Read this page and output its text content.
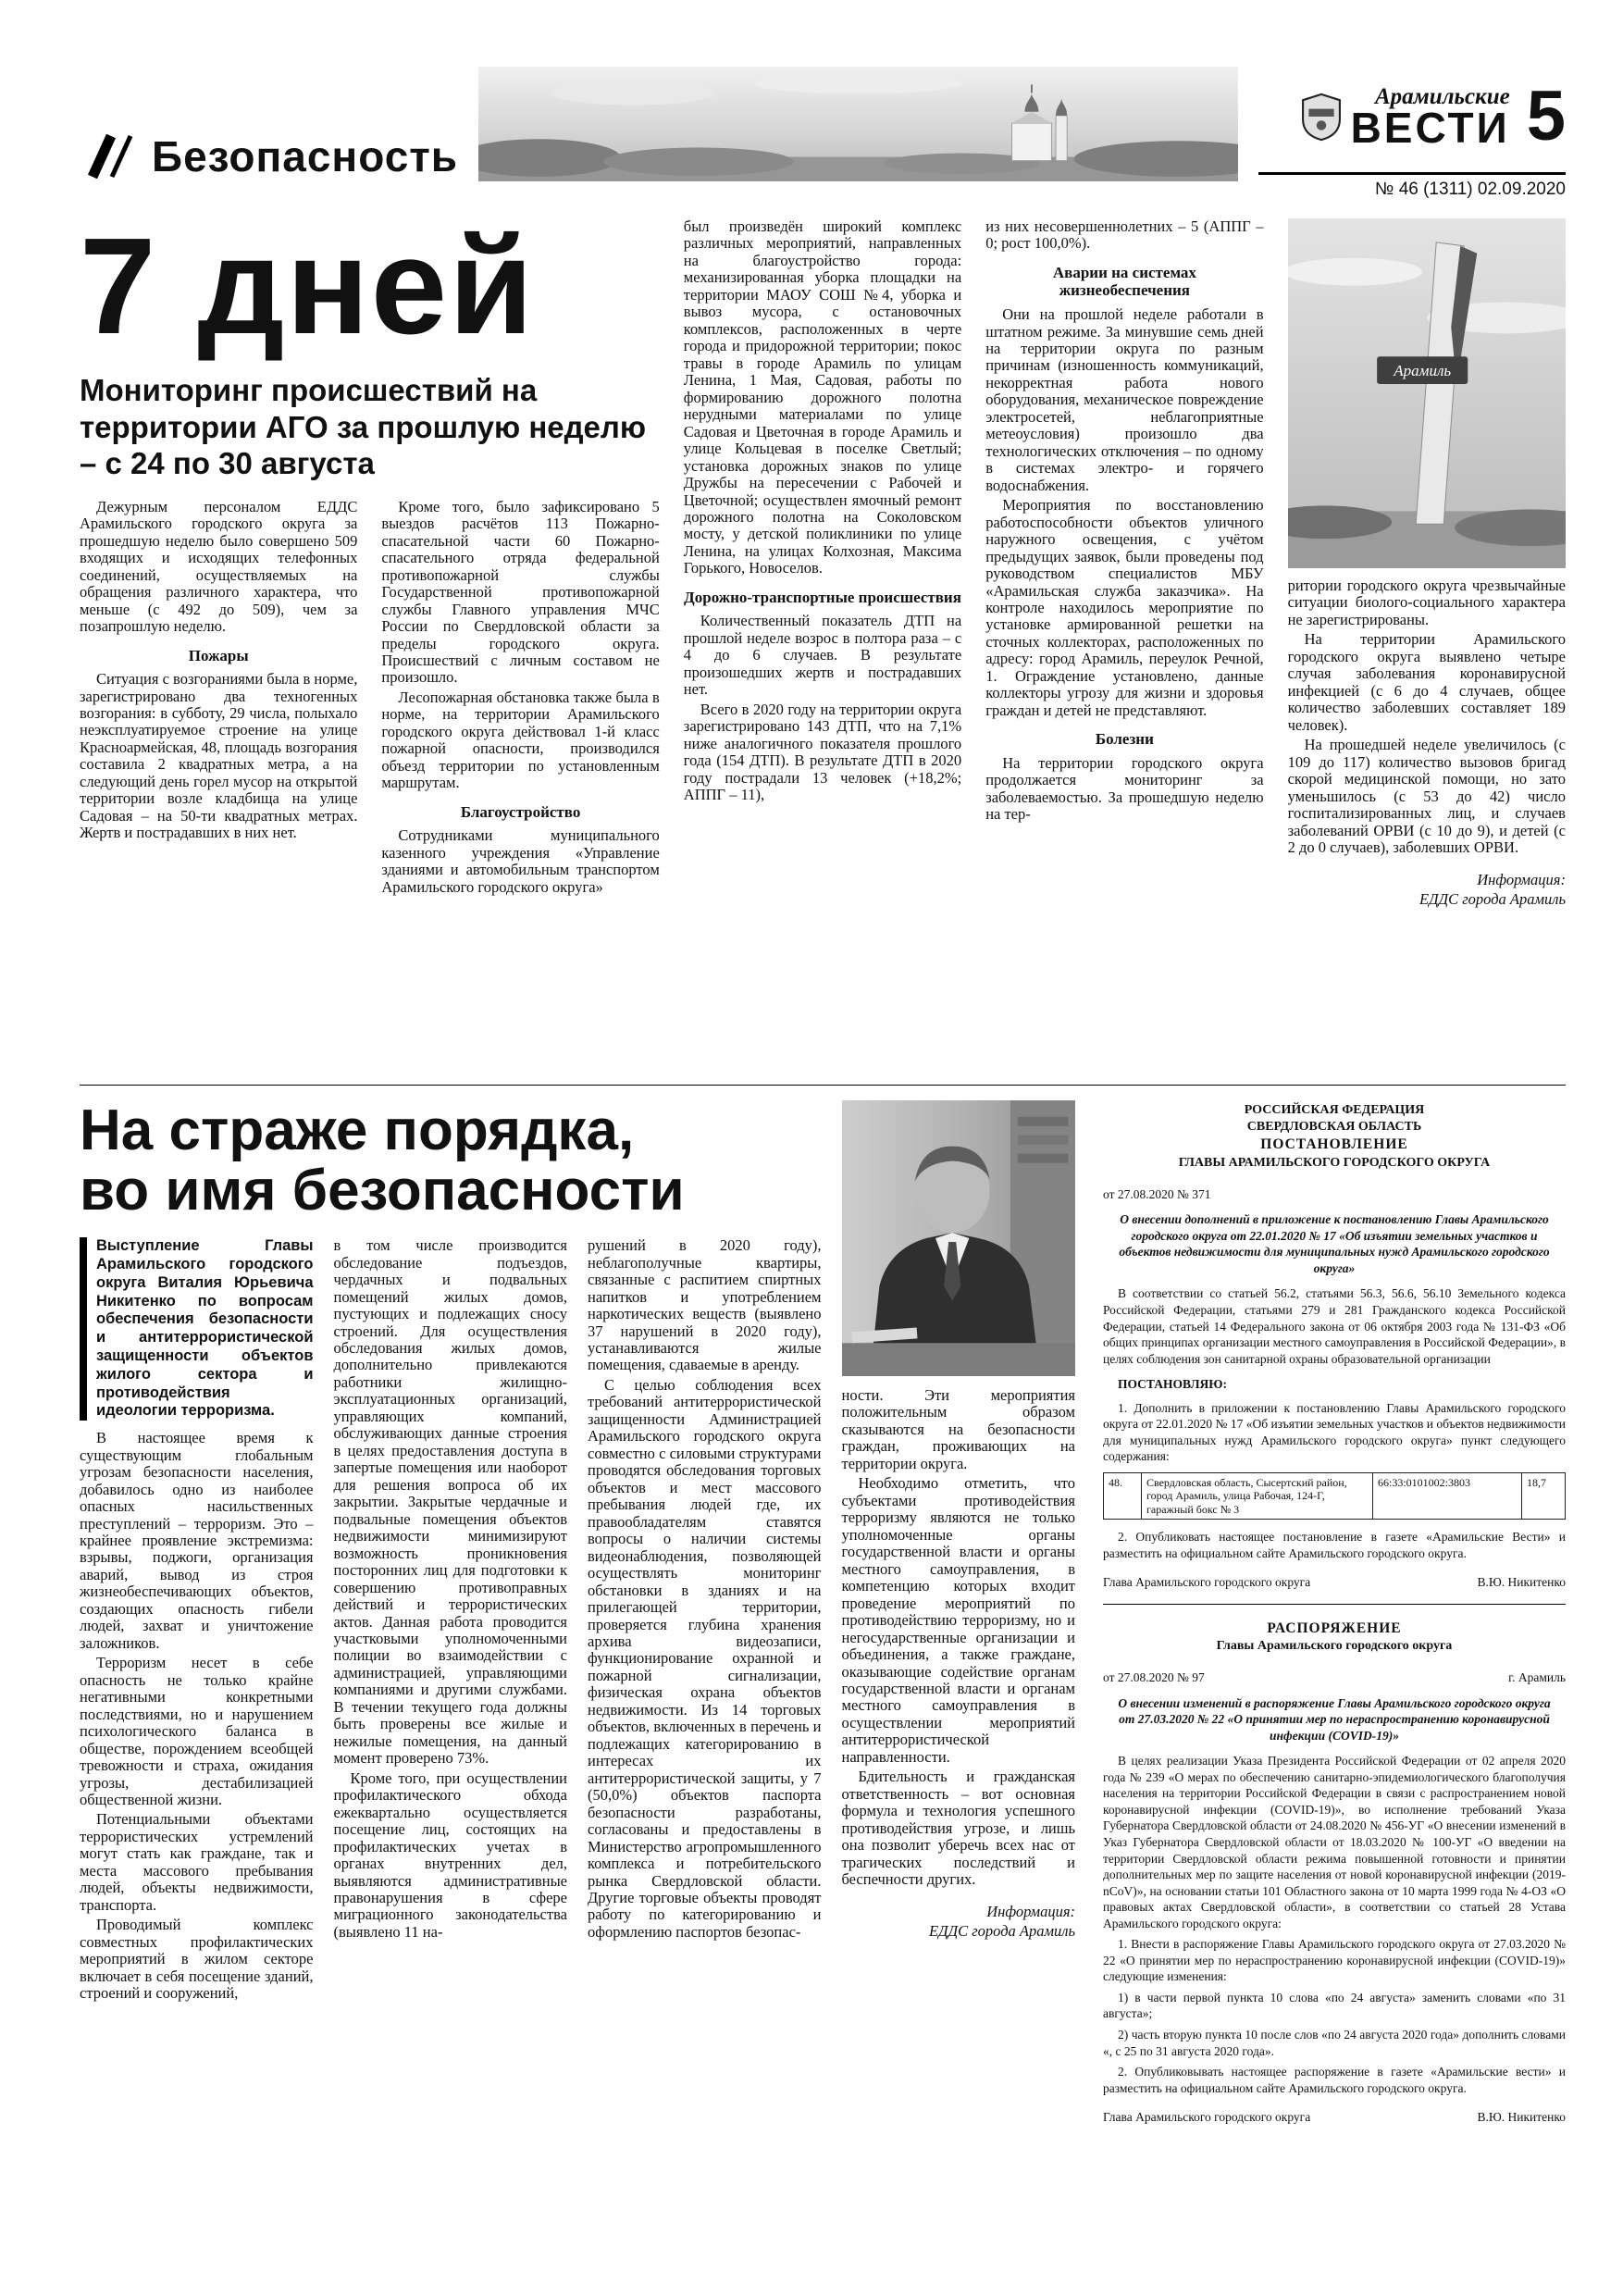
Безопасность
Арамильские
ВЕСТИ 5
№ 46 (1311) 02.09.2020
7 дней
Мониторинг происшествий на территории АГО за прошлую неделю – с 24 по 30 августа

Дежурным персоналом ЕДДС Арамильского городского округа за прошедшую неделю было совершено 509 входящих и исходящих телефонных соединений, осуществляемых на обращения различного характера, что меньше (с 492 до 509), чем за позапрошлую неделю.

Пожары

Ситуация с возгораниями была в норме, зарегистрировано два техногенных возгорания: в субботу, 29 числа, полыхало неэксплуатируемое строение на улице Красноармейская, 48, площадь возгорания составила 2 квадратных метра, а на следующий день горел мусор на открытой территории возле кладбища на улице Садовая – на 50-ти квадратных метрах. Жертв и пострадавших в них нет.

Кроме того, было зафиксировано 5 выездов расчётов 113 Пожарно-спасательной части 60 Пожарно-спасательного отряда федеральной противопожарной службы Государственной противопожарной службы Главного управления МЧС России по Свердловской области за пределы городского округа. Происшествий с личным составом не произошло.

Лесопожарная обстановка также была в норме, на территории Арамильского городского округа действовал 1-й класс пожарной опасности, производился объезд территории по установленным маршрутам.

Благоустройство

Сотрудниками муниципального казенного учреждения «Управление зданиями и автомобильным транспортом Арамильского городского округа»

был произведён широкий комплекс различных мероприятий, направленных на благоустройство города: механизированная уборка площадки на территории МАОУ СОШ №4, уборка и вывоз мусора, с остановочных комплексов, расположенных в черте города и придорожной территории; покос травы в городе Арамиль по улицам Ленина, 1 Мая, Садовая, работы по формированию дорожного полотна нерудными материалами по улице Садовая и Цветочная в городе Арамиль и улице Кольцевая в поселке Светлый; установка дорожных знаков по улице Дружбы на пересечении с Рабочей и Цветочной; осуществлен ямочный ремонт дорожного полотна на Соколовском мосту, у детской поликлиники по улице Ленина, на улицах Колхозная, Максима Горького, Новоселов.

Дорожно-транспортные происшествия

Количественный показатель ДТП на прошлой неделе возрос в полтора раза – с 4 до 6 случаев. В результате произошедших жертв и пострадавших нет.

Всего в 2020 году на территории округа зарегистрировано 143 ДТП, что на 7,1% ниже аналогичного показателя прошлого года (154 ДТП). В результате ДТП в 2020 году пострадали 13 человек (+18,2%; АППГ – 11),

из них несовершеннолетних – 5 (АППГ – 0; рост 100,0%).

Аварии на системах жизнеобеспечения

Они на прошлой неделе работали в штатном режиме. За минувшие семь дней на территории округа по разным причинам (изношенность коммуникаций, некорректная работа нового оборудования, механическое повреждение электросетей, неблагоприятные метеоусловия) произошло два технологических отключения – по одному в системах электро- и горячего водоснабжения.

Мероприятия по восстановлению работоспособности объектов уличного наружного освещения, с учётом предыдущих заявок, были проведены под руководством специалистов МБУ «Арамильская служба заказчика». На контроле находилось мероприятие по установке армированной решетки на сточных коллекторах, расположенных по адресу: город Арамиль, переулок Речной, 1. Ограждение установлено, данные коллекторы угрозу для жизни и здоровья граждан и детей не представляют.

Болезни

На территории городского округа продолжается мониторинг за заболеваемостью. За прошедшую неделю на тер-

Арамиль

ритории городского округа чрезвычайные ситуации биолого-социального характера не зарегистрированы.

На территории Арамильского городского округа выявлено четыре случая заболевания коронавирусной инфекцией (с 6 до 4 случаев, общее количество заболевших составляет 189 человек).

На прошедшей неделе увеличилось (с 109 до 117) количество вызовов бригад скорой медицинской помощи, но зато уменьшилось (с 53 до 42) число госпитализированных лиц, и случаев заболеваний ОРВИ (с 10 до 9), и детей (с 2 до 0 случаев), заболевших ОРВИ.

Информация:
ЕДДС города Арамиль
На страже порядка,
во имя безопасности

Выступление Главы Арамильского городского округа Виталия Юрьевича Никитенко по вопросам обеспечения безопасности и антитеррористической защищенности объектов жилого сектора и противодействия идеологии терроризма.

В настоящее время к существующим глобальным угрозам безопасности населения, добавилось одно из наиболее опасных насильственных преступлений – терроризм. Это –крайнее проявление экстремизма: взрывы, поджоги, организация аварий, вывод из строя жизнеобеспечивающих объектов, создающих опасность гибели людей, захват и уничтожение заложников.

Терроризм несет в себе опасность не только крайне негативными конкретными последствиями, но и нарушением психологического баланса в обществе, порождением всеобщей тревожности и страха, ожидания угрозы, дестабилизацией общественной жизни.

Потенциальными объектами террористических устремлений могут стать как граждане, так и места массового пребывания людей, объекты недвижимости, транспорта.

Проводимый комплекс совместных профилактических мероприятий в жилом секторе включает в себя посещение зданий, строений и сооружений,

в том числе производится обследование подъездов, чердачных и подвальных помещений жилых домов, пустующих и подлежащих сносу строений. Для осуществления обследования жилых домов, дополнительно привлекаются работники жилищно-эксплуатационных организаций, управляющих компаний, обслуживающих данные строения в целях предоставления доступа в запертые помещения или наоборот для решения вопроса об их закрытии. Закрытые чердачные и подвальные помещения объектов недвижимости минимизируют возможность проникновения посторонних лиц для подготовки к совершению противоправных действий и террористических актов. Данная работа проводится участковыми уполномоченными полиции во взаимодействии с администрацией, управляющими компаниями и другими службами. В течении текущего года должны быть проверены все жилые и нежилые помещения, на данный момент проверено 73%.

Кроме того, при осуществлении профилактического обхода ежеквартально осуществляется посещение лиц, состоящих на профилактических учетах в органах внутренних дел, выявляются административные правонарушения в сфере миграционного законодательства (выявлено 11 на-

рушений в 2020 году), неблагополучные квартиры, связанные с распитием спиртных напитков и употреблением наркотических веществ (выявлено 37 нарушений в 2020 году), устанавливаются жилые помещения, сдаваемые в аренду.

С целью соблюдения всех требований антитеррористической защищенности Администрацией Арамильского городского округа совместно с силовыми структурами проводятся обследования торговых объектов и мест массового пребывания людей где, их правообладателям ставятся вопросы о наличии системы видеонаблюдения, позволяющей осуществлять мониторинг обстановки в зданиях и на прилегающей территории, проверяется глубина хранения архива видеозаписи, функционирование охранной и пожарной сигнализации, физическая охрана объектов недвижимости. Из 14 торговых объектов, включенных в перечень и подлежащих категорированию в интересах их антитеррористической защиты, у 7 (50,0%) объектов паспорта безопасности разработаны, согласованы и предоставлены в Министерство агропромышленного комплекса и потребительского рынка Свердловской области. Другие торговые объекты проводят работу по категорированию и оформлению паспортов безопас-

ности. Эти мероприятия положительным образом сказываются на безопасности граждан, проживающих на территории округа.

Необходимо отметить, что субъектами противодействия терроризму являются не только уполномоченные органы государственной власти и органы местного самоуправления, в компетенцию которых входит проведение мероприятий по противодействию терроризму, но и негосударственные организации и объединения, а также граждане, оказывающие содействие органам государственной власти и органам местного самоуправления в осуществлении мероприятий антитеррористической направленности.

Бдительность и гражданская ответственность – вот основная формула и технология успешного противодействия угрозе, и лишь она позволит уберечь всех нас от трагических последствий и беспечности других.

Информация:
ЕДДС города Арамиль
РОССИЙСКАЯ ФЕДЕРАЦИЯ
СВЕРДЛОВСКАЯ ОБЛАСТЬ
ПОСТАНОВЛЕНИЕ
ГЛАВЫ АРАМИЛЬСКОГО ГОРОДСКОГО ОКРУГА
от 27.08.2020 № 371
О внесении дополнений в приложение к постановлению Главы Арамильского городского округа от 22.01.2020 № 17 «Об изъятии земельных участков и объектов недвижимости для муниципальных нужд Арамильского городского округа»

В соответствии со статьей 56.2, статьями 56.3, 56.6, 56.10 Земельного кодекса Российской Федерации, статьями 279 и 281 Гражданского кодекса Российской Федерации, статьей 14 Федерального закона от 06 октября 2003 года № 131-ФЗ «Об общих принципах организации местного самоуправления в Российской Федерации», в целях соблюдения зон санитарной охраны образовательной организации

ПОСТАНОВЛЯЮ:

1. Дополнить в приложении к постановлению Главы Арамильского городского округа от 22.01.2020 № 17 «Об изъятии земельных участков и объектов недвижимости для муниципальных нужд Арамильского городского округа» пункт следующего содержания:

48.	Свердловская область, Сысертский район, город Арамиль, улица Рабочая, 124-Г, гаражный бокс № 3	66:33:0101002:3803	18,7

2. Опубликовать настоящее постановление в газете «Арамильские Вести» и разместить на официальном сайте Арамильского городского округа.

Глава Арамильского городского округа	В.Ю. Никитенко
РАСПОРЯЖЕНИЕ
Главы Арамильского городского округа
от 27.08.2020 № 97	г. Арамиль
О внесении изменений в распоряжение Главы Арамильского городского округа от 27.03.2020 № 22 «О принятии мер по нераспространению коронавирусной инфекции (COVID-19)»

В целях реализации Указа Президента Российской Федерации от 02 апреля 2020 года № 239 «О мерах по обеспечению санитарно-эпидемиологического благополучия населения на территории Российской Федерации в связи с распространением новой коронавирусной инфекции (COVID-19)», во исполнение требований Указа Губернатора Свердловской области от 24.08.2020 № 456-УГ «О внесении изменений в Указ Губернатора Свердловской области от 18.03.2020 № 100-УГ «О введении на территории Свердловской области режима повышенной готовности и принятии дополнительных мер по защите населения от новой коронавирусной инфекции (2019-nCoV)», на основании статьи 101 Областного закона от 10 марта 1999 года № 4-ОЗ «О правовых актах Свердловской области», в соответствии со статьей 28 Устава Арамильского городского округа:

1. Внести в распоряжение Главы Арамильского городского округа от 27.03.2020 № 22 «О принятии мер по нераспространению коронавирусной инфекции (COVID-19)» следующие изменения:

1) в части первой пункта 10 слова «по 24 августа» заменить словами «по 31 августа»;

2) часть вторую пункта 10 после слов «по 24 августа 2020 года» дополнить словами «, с 25 по 31 августа 2020 года».

2. Опубликовывать настоящее распоряжение в газете «Арамильские вести» и разместить на официальном сайте Арамильского городского округа.

Глава Арамильского городского округа	В.Ю. Никитенко
